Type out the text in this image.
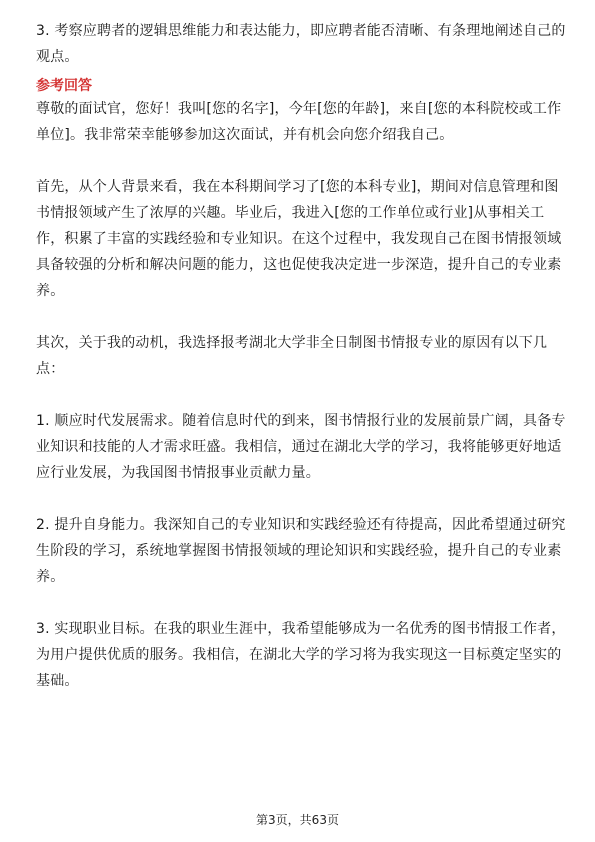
3. 考察应聘者的逻辑思维能力和表达能力，即应聘者能否清晰、有条理地阐述自己的观点。

参考回答

尊敬的面试官，您好！我叫[您的名字]，今年[您的年龄]，来自[您的本科院校或工作单位]。我非常荣幸能够参加这次面试，并有机会向您介绍我自己。

首先，从个人背景来看，我在本科期间学习了[您的本科专业]，期间对信息管理和图书情报领域产生了浓厚的兴趣。毕业后，我进入[您的工作单位或行业]从事相关工作，积累了丰富的实践经验和专业知识。在这个过程中，我发现自己在图书情报领域具备较强的分析和解决问题的能力，这也促使我决定进一步深造，提升自己的专业素养。

其次，关于我的动机，我选择报考湖北大学非全日制图书情报专业的原因有以下几点：

1. 顺应时代发展需求。随着信息时代的到来，图书情报行业的发展前景广阔，具备专业知识和技能的人才需求旺盛。我相信，通过在湖北大学的学习，我将能够更好地适应行业发展，为我国图书情报事业贡献力量。

2. 提升自身能力。我深知自己的专业知识和实践经验还有待提高，因此希望通过研究生阶段的学习，系统地掌握图书情报领域的理论知识和实践经验，提升自己的专业素养。

3. 实现职业目标。在我的职业生涯中，我希望能够成为一名优秀的图书情报工作者，为用户提供优质的服务。我相信，在湖北大学的学习将为我实现这一目标奠定坚实的基础。

第3页，共63页
